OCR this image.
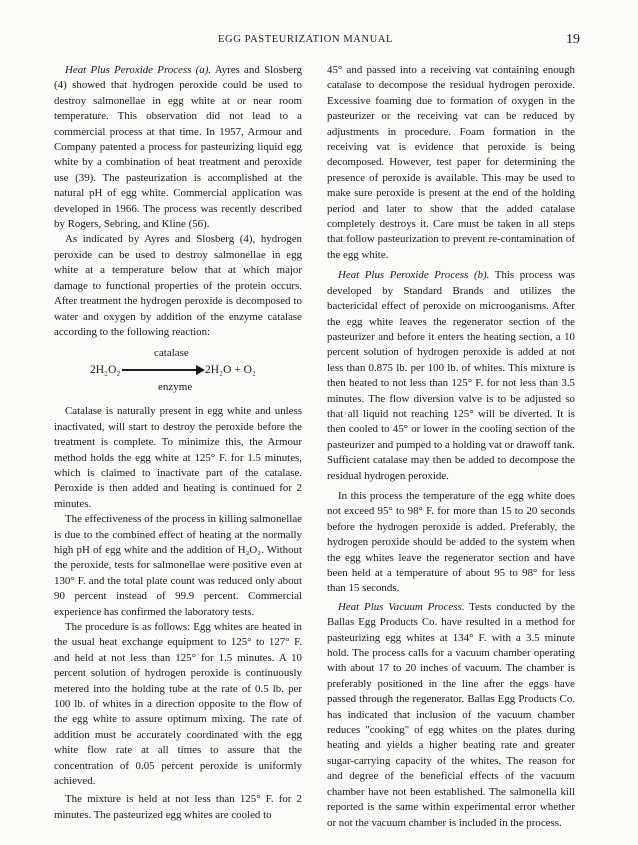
EGG PASTEURIZATION MANUAL	19

Heat Plus Peroxide Process (a). Ayres and Slosberg (4) showed that hydrogen peroxide could be used to destroy salmonellae in egg white at or near room temperature. This observation did not lead to a commercial process at that time. In 1957, Armour and Company patented a process for pasteurizing liquid egg white by a combination of heat treatment and peroxide use (39). The pasteurization is accomplished at the natural pH of egg white. Commercial application was developed in 1966. The process was recently described by Rogers, Sebring, and Kline (56).

As indicated by Ayres and Slosberg (4), hydrogen peroxide can be used to destroy salmonellae in egg white at a temperature below that at which major damage to functional properties of the protein occurs. After treatment the hydrogen peroxide is decomposed to water and oxygen by addition of the enzyme catalase according to the following reaction:

catalase
2H₂O₂	2H₂O + O₂
enzyme

Catalase is naturally present in egg white and unless inactivated, will start to destroy the peroxide before the treatment is complete. To minimize this, the Armour method holds the egg white at 125° F. for 1.5 minutes, which is claimed to inactivate part of the catalase. Peroxide is then added and heating is continued for 2 minutes.

The effectiveness of the process in killing salmonellae is due to the combined effect of heating at the normally high pH of egg white and the addition of H₂O₂. Without the peroxide, tests for salmonellae were positive even at 130° F. and the total plate count was reduced only about 90 percent instead of 99.9 percent. Commercial experience has confirmed the laboratory tests.

The procedure is as follows: Egg whites are heated in the usual heat exchange equipment to 125° to 127° F. and held at not less than 125° for 1.5 minutes. A 10 percent solution of hydrogen peroxide is continuously metered into the holding tube at the rate of 0.5 lb. per 100 lb. of whites in a direction opposite to the flow of the egg white to assure optimum mixing. The rate of addition must be accurately coordinated with the egg white flow rate at all times to assure that the concentration of 0.05 percent peroxide is uniformly achieved.

The mixture is held at not less than 125° F. for 2 minutes. The pasteurized egg whites are cooled to

45° and passed into a receiving vat containing enough catalase to decompose the residual hydrogen peroxide. Excessive foaming due to formation of oxygen in the pasteurizer or the receiving vat can be reduced by adjustments in procedure. Foam formation in the receiving vat is evidence that peroxide is being decomposed. However, test paper for determining the presence of peroxide is available. This may be used to make sure peroxide is present at the end of the holding period and later to show that the added catalase completely destroys it. Care must be taken in all steps that follow pasteurization to prevent re-contamination of the egg white.

Heat Plus Peroxide Process (b). This process was developed by Standard Brands and utilizes the bactericidal effect of peroxide on microoganisms. After the egg white leaves the regenerator section of the pasteurizer and before it enters the heating section, a 10 percent solution of hydrogen peroxide is added at not less than 0.875 lb. per 100 lb. of whites. This mixture is then heated to not less than 125° F. for not less than 3.5 minutes. The flow diversion valve is to be adjusted so that all liquid not reaching 125° will be diverted. It is then cooled to 45° or lower in the cooling section of the pasteurizer and pumped to a holding vat or drawoff tank. Sufficient catalase may then be added to decompose the residual hydrogen peroxide.

In this process the temperature of the egg white does not exceed 95° to 98° F. for more than 15 to 20 seconds before the hydrogen peroxide is added. Preferably, the hydrogen peroxide should be added to the system when the egg whites leave the regenerator section and have been held at a temperature of about 95 to 98° for less than 15 seconds.

Heat Plus Vacuum Process. Tests conducted by the Ballas Egg Products Co. have resulted in a method for pasteurizing egg whites at 134° F. with a 3.5 minute hold. The process calls for a vacuum chamber operating with about 17 to 20 inches of vacuum. The chamber is preferably positioned in the line after the eggs have passed through the regenerator. Ballas Egg Products Co. has indicated that inclusion of the vacuum chamber reduces "cooking" of egg whites on the plates during heating and yields a higher beating rate and greater sugar-carrying capacity of the whites. The reason for and degree of the beneficial effects of the vacuum chamber have not been established. The salmonella kill reported is the same within experimental error whether or not the vacuum chamber is included in the process.
